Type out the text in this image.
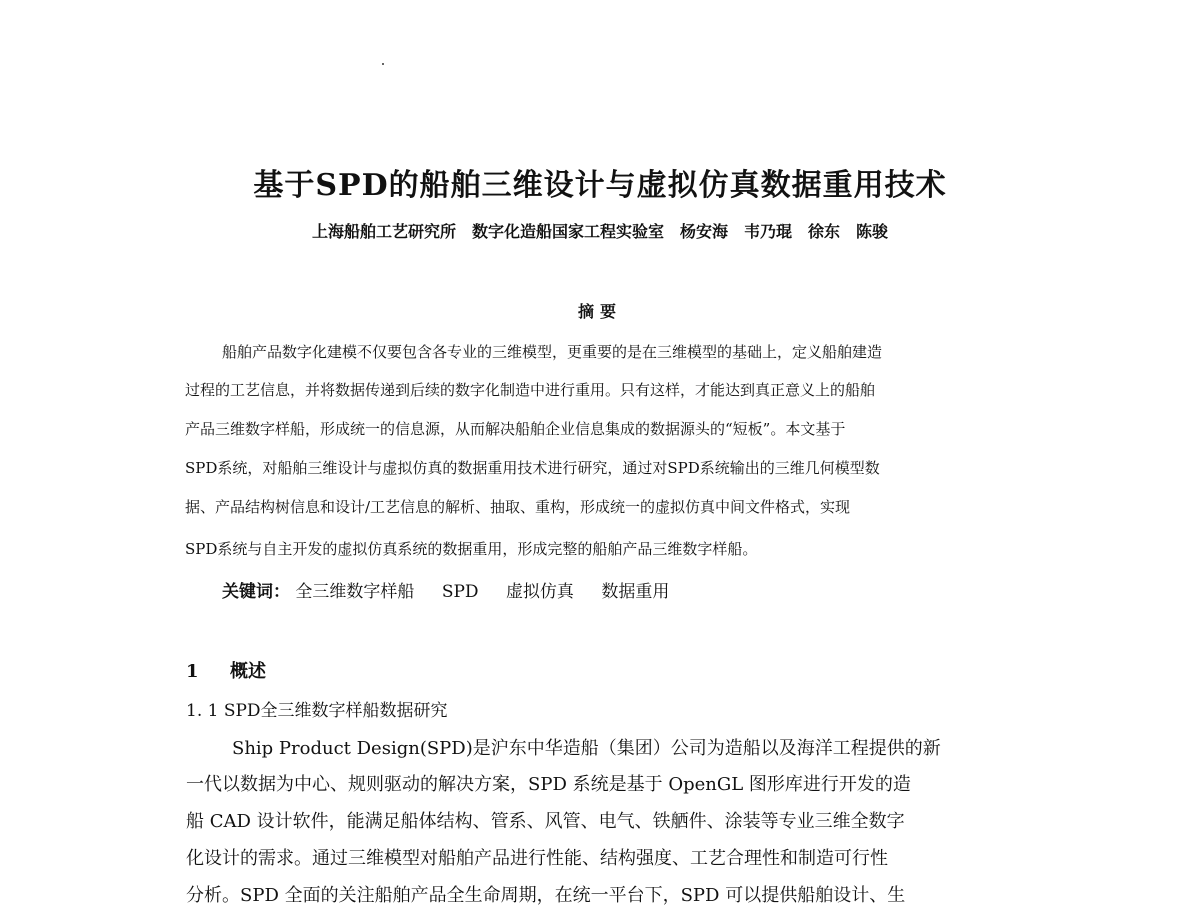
基于SPD的船舶三维设计与虚拟仿真数据重用技术
上海船舶工艺研究所　数字化造船国家工程实验室　杨安海　韦乃琨　徐东　陈骏
摘要
船舶产品数字化建模不仅要包含各专业的三维模型，更重要的是在三维模型的基础上，定义船舶建造
过程的工艺信息，并将数据传递到后续的数字化制造中进行重用。只有这样，才能达到真正意义上的船舶
产品三维数字样船，形成统一的信息源，从而解决船舶企业信息集成的数据源头的“短板”。本文基于
SPD系统，对船舶三维设计与虚拟仿真的数据重用技术进行研究，通过对SPD系统输出的三维几何模型数
据、产品结构树信息和设计/工艺信息的解析、抽取、重构，形成统一的虚拟仿真中间文件格式，实现
SPD系统与自主开发的虚拟仿真系统的数据重用，形成完整的船舶产品三维数字样船。
关键词： 全三维数字样船 SPD 虚拟仿真 数据重用
1 概述
1. 1 SPD全三维数字样船数据研究
Ship Product Design(SPD)是沪东中华造船（集团）公司为造船以及海洋工程提供的新
一代以数据为中心、规则驱动的解决方案，SPD 系统是基于 OpenGL 图形库进行开发的造
船 CAD 设计软件，能满足船体结构、管系、风管、电气、铁舾件、涂装等专业三维全数字
化设计的需求。通过三维模型对船舶产品进行性能、结构强度、工艺合理性和制造可行性
分析。SPD 全面的关注船舶产品全生命周期，在统一平台下，SPD 可以提供船舶设计、生
